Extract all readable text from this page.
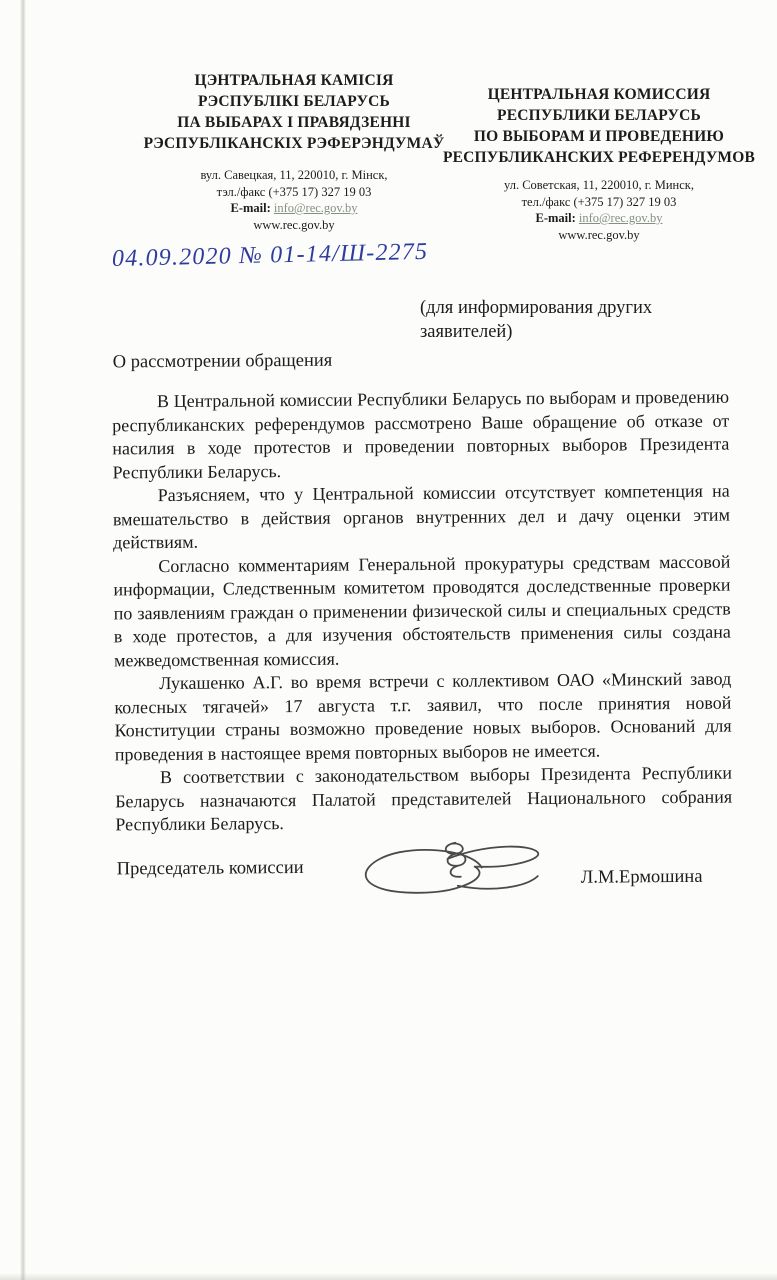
ЦЭНТРАЛЬНАЯ КАМІСІЯ
РЭСПУБЛІКІ БЕЛАРУСЬ
ПА ВЫБАРАХ І ПРАВЯДЗЕННІ
РЭСПУБЛІКАНСКІХ РЭФЕРЭНДУМАЎ
вул. Савецкая, 11, 220010, г. Мінск,
тэл./факс (+375 17) 327 19 03
E-mail: info@rec.gov.by
www.rec.gov.by
ЦЕНТРАЛЬНАЯ КОМИССИЯ
РЕСПУБЛИКИ БЕЛАРУСЬ
ПО ВЫБОРАМ И ПРОВЕДЕНИЮ
РЕСПУБЛИКАНСКИХ РЕФЕРЕНДУМОВ
ул. Советская, 11, 220010, г. Минск,
тел./факс (+375 17) 327 19 03
E-mail: info@rec.gov.by
www.rec.gov.by
04.09.2020 № 01-14/Ш-2275
(для информирования других заявителей)
О рассмотрении обращения

В Центральной комиссии Республики Беларусь по выборам и проведению республиканских референдумов рассмотрено Ваше обращение об отказе от насилия в ходе протестов и проведении повторных выборов Президента Республики Беларусь.

Разъясняем, что у Центральной комиссии отсутствует компетенция на вмешательство в действия органов внутренних дел и дачу оценки этим действиям.

Согласно комментариям Генеральной прокуратуры средствам массовой информации, Следственным комитетом проводятся доследственные проверки по заявлениям граждан о применении физической силы и специальных средств в ходе протестов, а для изучения обстоятельств применения силы создана межведомственная комиссия.

Лукашенко А.Г. во время встречи с коллективом ОАО «Минский завод колесных тягачей» 17 августа т.г. заявил, что после принятия новой Конституции страны возможно проведение новых выборов. Оснований для проведения в настоящее время повторных выборов не имеется.

В соответствии с законодательством выборы Президента Республики Беларусь назначаются Палатой представителей Национального собрания Республики Беларусь.

Председатель комиссии	Л.М.Ермошина
